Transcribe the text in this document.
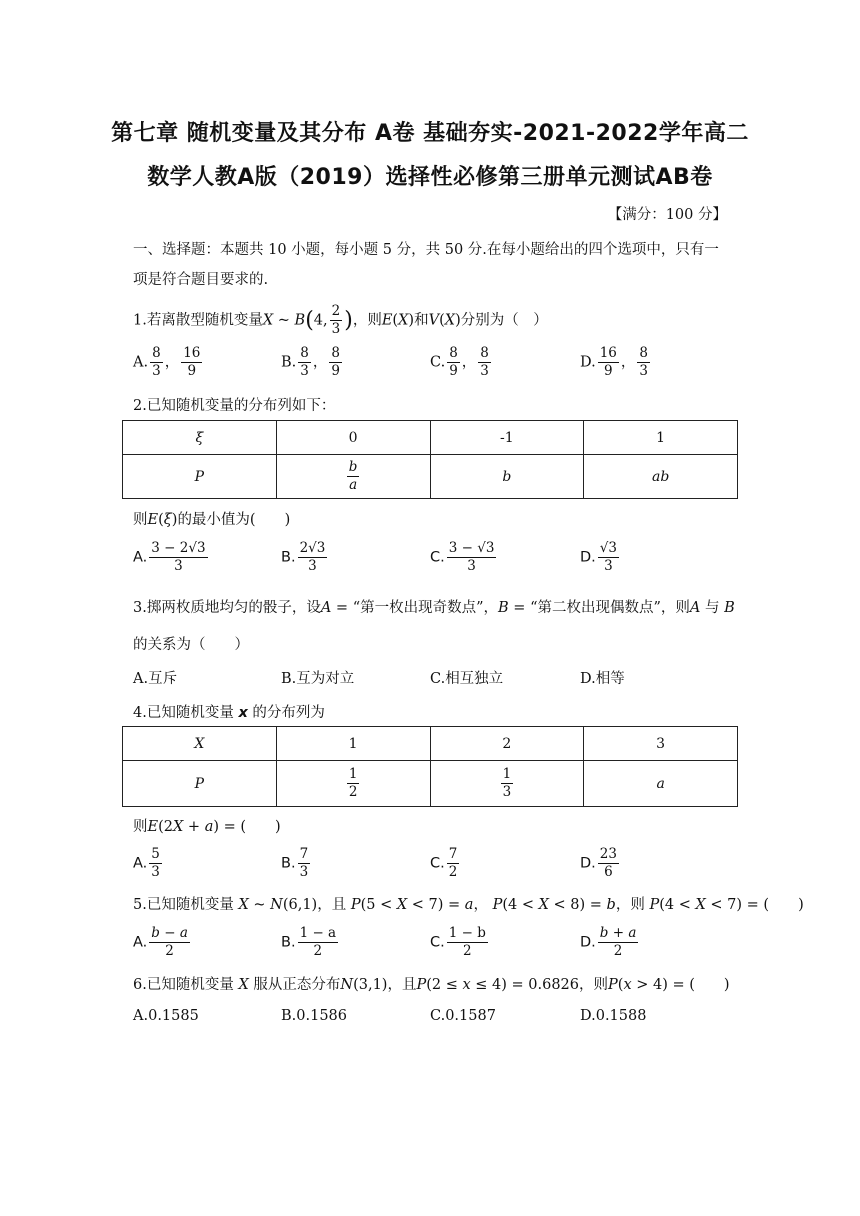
第七章 随机变量及其分布 A卷 基础夯实-2021-2022学年高二
数学人教A版（2019）选择性必修第三册单元测试AB卷
【满分：100 分】
一、选择题：本题共 10 小题，每小题 5 分，共 50 分.在每小题给出的四个选项中，只有一
项是符合题目要求的.
1.若离散型随机变量X ~ B(4, $\frac{2}{3}$ )，则E(X)和V(X)分别为（　）
A. $\frac{8}{3}$ ， $\frac{16}{9}$	B. $\frac{8}{3}$ ， $\frac{8}{9}$	C. $\frac{8}{9}$ ， $\frac{8}{3}$	D. $\frac{16}{9}$ ， $\frac{8}{3}$
2.已知随机变量的分布列如下：
ξ	0	-1	1
P	$\frac{b}{a}$	b	ab
则E(ξ)的最小值为(　　)
A. $\frac{3 - 2√3}{3}$	B. $\frac{2√3}{3}$	C. $\frac{3 - √3}{3}$	D. $\frac{√3}{3}$
3.掷两枚质地均匀的骰子，设A = “第一枚出现奇数点”，B = “第二枚出现偶数点”，则A 与 B
的关系为（　　）
A.互斥	B.互为对立	C.相互独立	D.相等
4.已知随机变量 x 的分布列为
X	1	2	3
P	$\frac{1}{2}$	$\frac{1}{3}$	a
则E(2X + a) = (　　)
A. $\frac{5}{3}$	B. $\frac{7}{3}$	C. $\frac{7}{2}$	D. $\frac{23}{6}$
5.已知随机变量 X ~ N(6,1)，且 P(5 < X < 7) = a， P(4 < X < 8) = b，则 P(4 < X < 7) = (　　)
A. $\frac{b - a}{2}$	B. $\frac{1 - a}{2}$	C. $\frac{1 - b}{2}$	D. $\frac{b + a}{2}$
6.已知随机变量 X 服从正态分布N(3,1)，且P(2 ≤ x ≤ 4) = 0.6826，则P(x > 4) = (　　)
A.0.1585	B.0.1586	C.0.1587	D.0.1588
